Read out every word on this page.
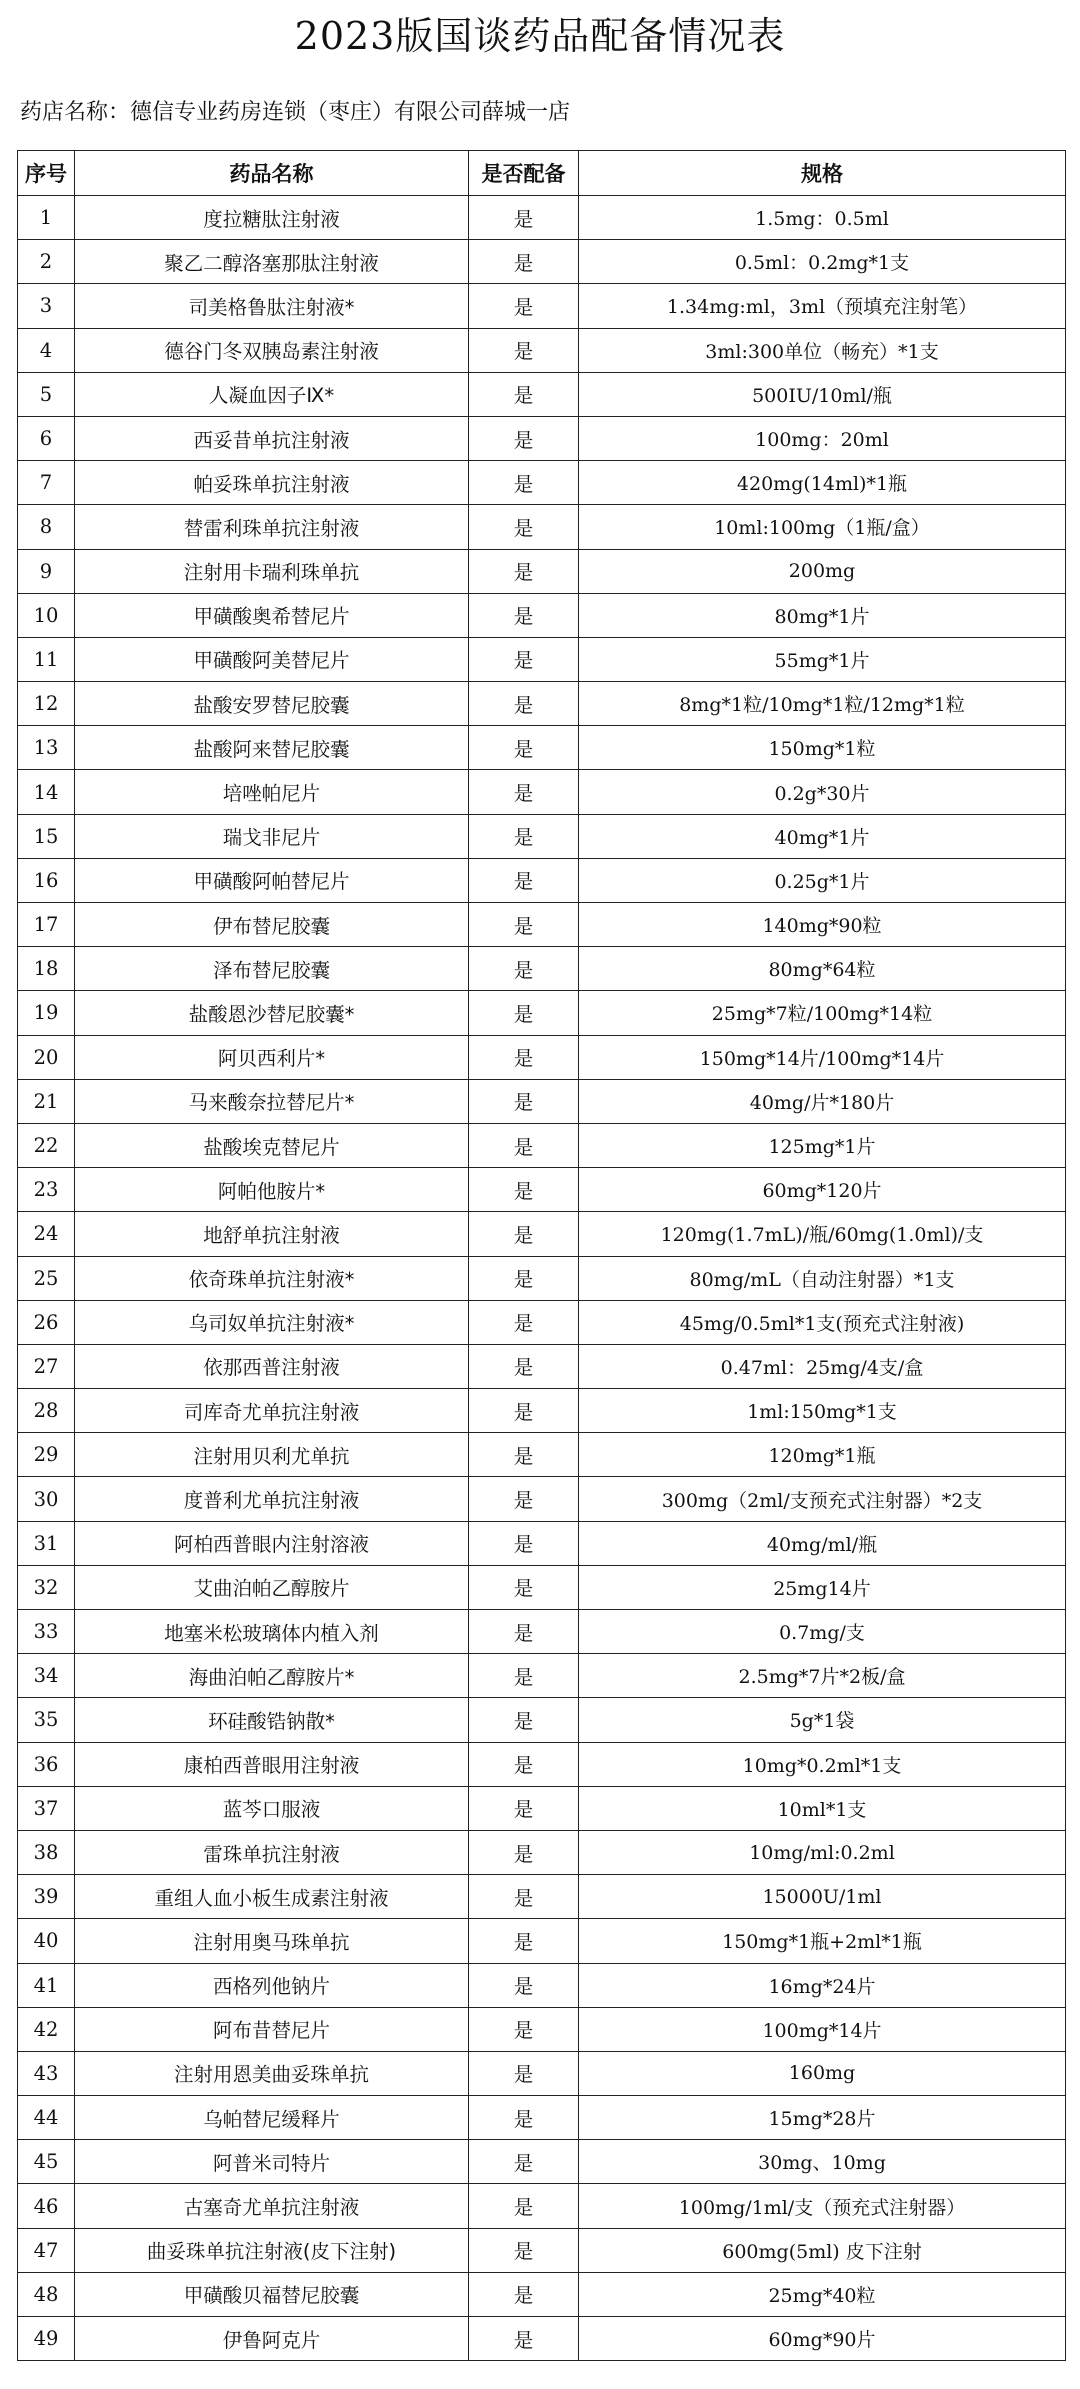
2023版国谈药品配备情况表
药店名称：德信专业药房连锁（枣庄）有限公司薛城一店
序号	药品名称	是否配备	规格
1	度拉糖肽注射液	是	1.5mg：0.5ml
2	聚乙二醇洛塞那肽注射液	是	0.5ml：0.2mg*1支
3	司美格鲁肽注射液*	是	1.34mg:ml，3ml（预填充注射笔）
4	德谷门冬双胰岛素注射液	是	3ml:300单位（畅充）*1支
5	人凝血因子Ⅸ*	是	500IU/10ml/瓶
6	西妥昔单抗注射液	是	100mg：20ml
7	帕妥珠单抗注射液	是	420mg(14ml)*1瓶
8	替雷利珠单抗注射液	是	10ml:100mg（1瓶/盒）
9	注射用卡瑞利珠单抗	是	200mg
10	甲磺酸奥希替尼片	是	80mg*1片
11	甲磺酸阿美替尼片	是	55mg*1片
12	盐酸安罗替尼胶囊	是	8mg*1粒/10mg*1粒/12mg*1粒
13	盐酸阿来替尼胶囊	是	150mg*1粒
14	培唑帕尼片	是	0.2g*30片
15	瑞戈非尼片	是	40mg*1片
16	甲磺酸阿帕替尼片	是	0.25g*1片
17	伊布替尼胶囊	是	140mg*90粒
18	泽布替尼胶囊	是	80mg*64粒
19	盐酸恩沙替尼胶囊*	是	25mg*7粒/100mg*14粒
20	阿贝西利片*	是	150mg*14片/100mg*14片
21	马来酸奈拉替尼片*	是	40mg/片*180片
22	盐酸埃克替尼片	是	125mg*1片
23	阿帕他胺片*	是	60mg*120片
24	地舒单抗注射液	是	120mg(1.7mL)/瓶/60mg(1.0ml)/支
25	依奇珠单抗注射液*	是	80mg/mL（自动注射器）*1支
26	乌司奴单抗注射液*	是	45mg/0.5ml*1支(预充式注射液)
27	依那西普注射液	是	0.47ml：25mg/4支/盒
28	司库奇尤单抗注射液	是	1ml:150mg*1支
29	注射用贝利尤单抗	是	120mg*1瓶
30	度普利尤单抗注射液	是	300mg（2ml/支预充式注射器）*2支
31	阿柏西普眼内注射溶液	是	40mg/ml/瓶
32	艾曲泊帕乙醇胺片	是	25mg14片
33	地塞米松玻璃体内植入剂	是	0.7mg/支
34	海曲泊帕乙醇胺片*	是	2.5mg*7片*2板/盒
35	环硅酸锆钠散*	是	5g*1袋
36	康柏西普眼用注射液	是	10mg*0.2ml*1支
37	蓝芩口服液	是	10ml*1支
38	雷珠单抗注射液	是	10mg/ml:0.2ml
39	重组人血小板生成素注射液	是	15000U/1ml
40	注射用奥马珠单抗	是	150mg*1瓶+2ml*1瓶
41	西格列他钠片	是	16mg*24片
42	阿布昔替尼片	是	100mg*14片
43	注射用恩美曲妥珠单抗	是	160mg
44	乌帕替尼缓释片	是	15mg*28片
45	阿普米司特片	是	30mg、10mg
46	古塞奇尤单抗注射液	是	100mg/1ml/支（预充式注射器）
47	曲妥珠单抗注射液(皮下注射)	是	600mg(5ml) 皮下注射
48	甲磺酸贝福替尼胶囊	是	25mg*40粒
49	伊鲁阿克片	是	60mg*90片
